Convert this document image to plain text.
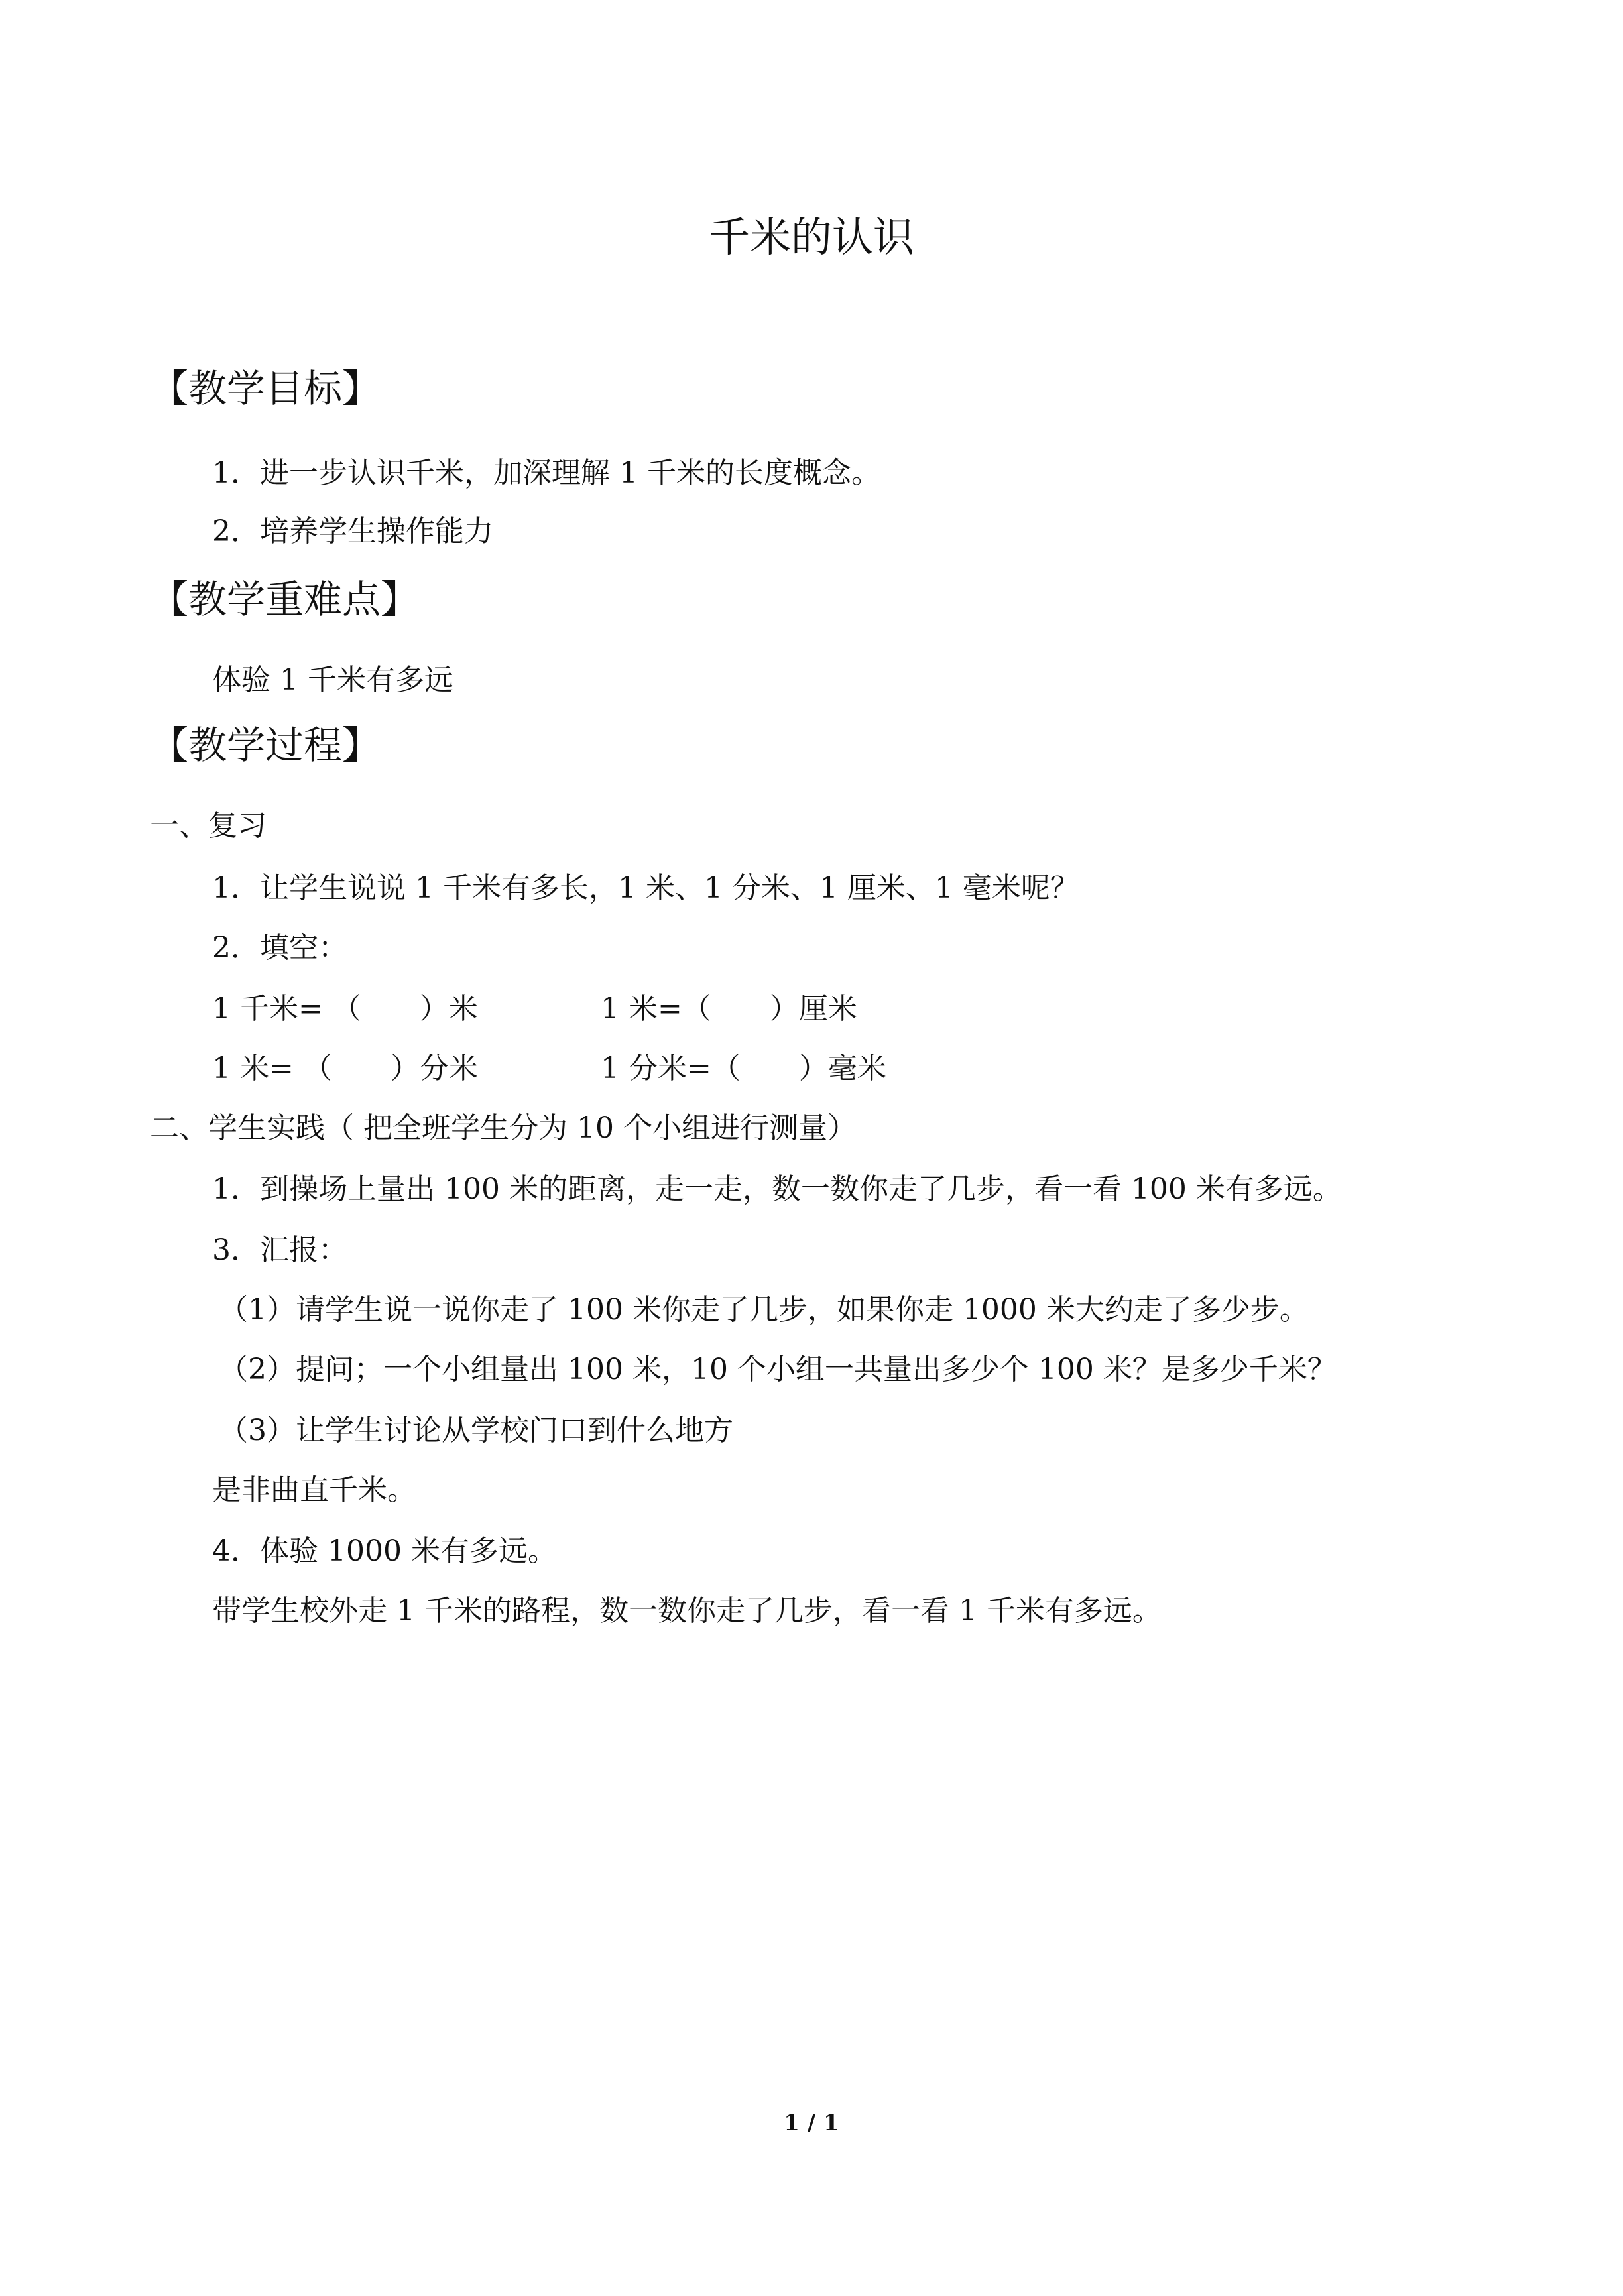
千米的认识
【教学目标】
1．进一步认识千米，加深理解 1 千米的长度概念。
2．培养学生操作能力
【教学重难点】
体验 1 千米有多远
【教学过程】
一、复习
1．让学生说说 1 千米有多长，1 米、1 分米、1 厘米、1 毫米呢？
2．填空：
1 千米= （　　）米	1 米=（　　）厘米
1 米= （　　）分米	1 分米=（　　）毫米
二、学生实践（ 把全班学生分为 10 个小组进行测量）
1．到操场上量出 100 米的距离，走一走，数一数你走了几步，看一看 100 米有多远。
3．汇报：
（1）请学生说一说你走了 100 米你走了几步，如果你走 1000 米大约走了多少步。
（2）提问；一个小组量出 100 米，10 个小组一共量出多少个 100 米？是多少千米？
（3）让学生讨论从学校门口到什么地方
是非曲直千米。
4．体验 1000 米有多远。
带学生校外走 1 千米的路程，数一数你走了几步，看一看 1 千米有多远。
1 / 1
